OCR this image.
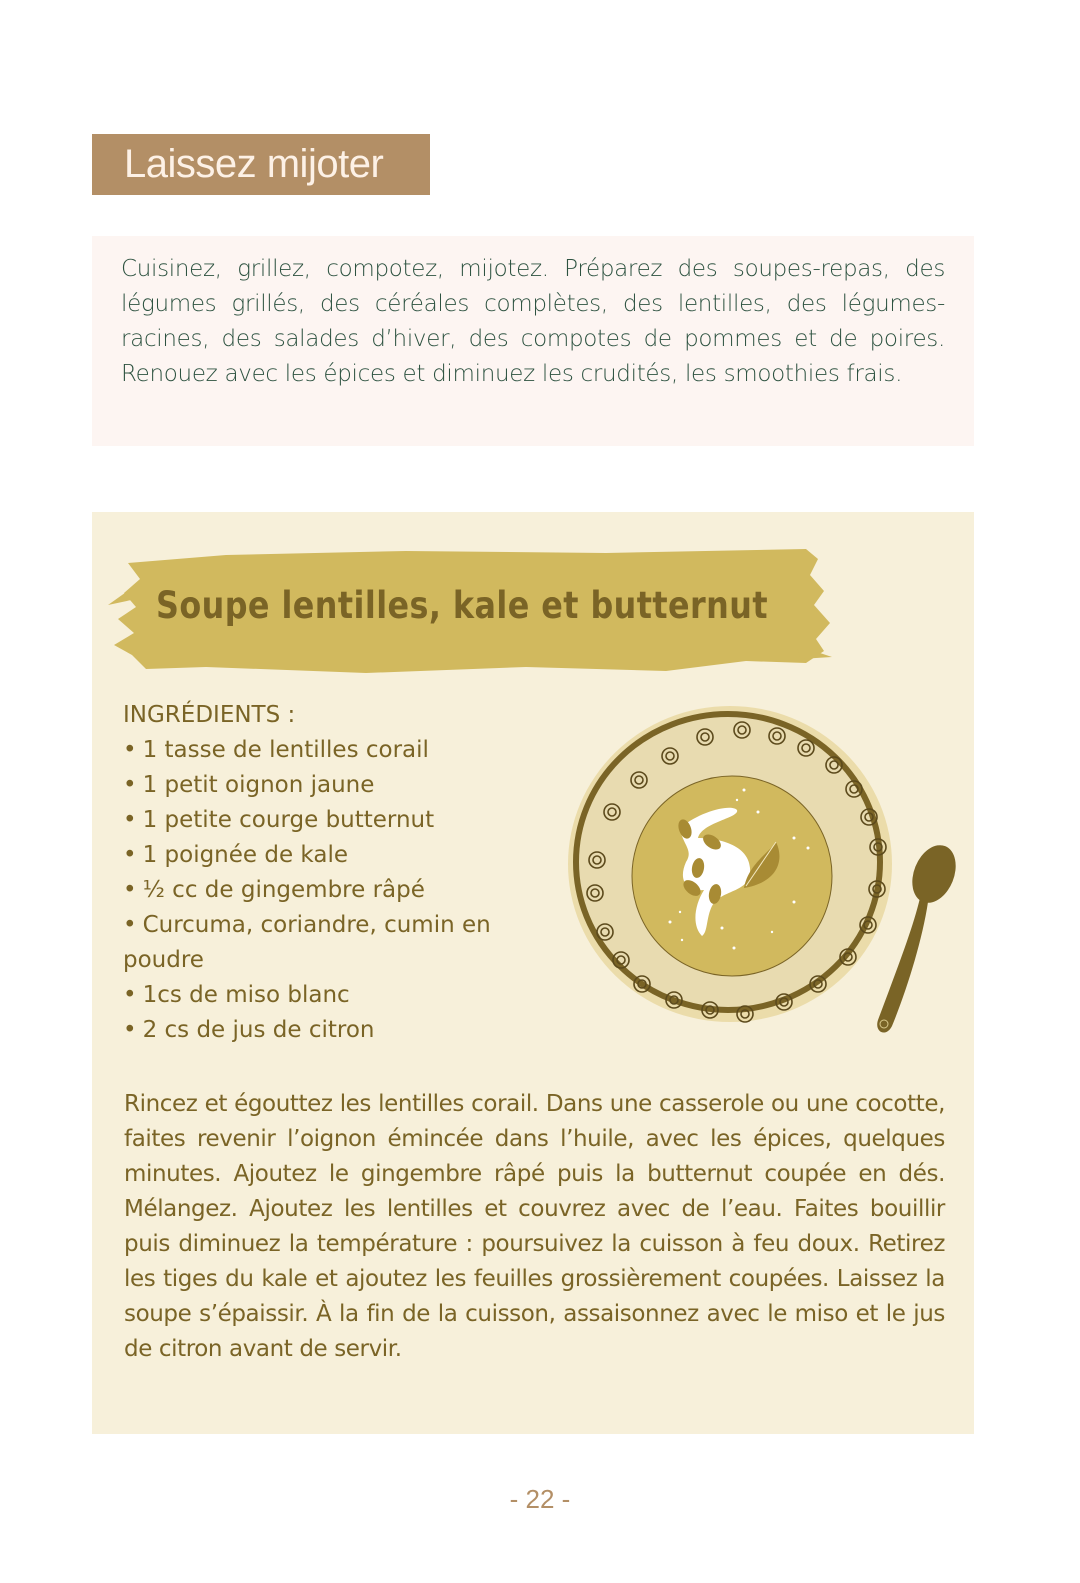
Laissez mijoter

Cuisinez, grillez, compotez, mijotez. Préparez des soupes-repas, des légumes grillés, des céréales complètes, des lentilles, des légumes-racines, des salades d’hiver, des compotes de pommes et de poires. Renouez avec les épices et diminuez les crudités, les smoothies frais.

Soupe lentilles, kale et butternut
INGRÉDIENTS :
• 1 tasse de lentilles corail
• 1 petit oignon jaune
• 1 petite courge butternut
• 1 poignée de kale
• ½ cc de gingembre râpé
• Curcuma, coriandre, cumin en poudre
• 1cs de miso blanc
• 2 cs de jus de citron

Rincez et égouttez les lentilles corail. Dans une casserole ou une cocotte, faites revenir l’oignon émincée dans l’huile, avec les épices, quelques minutes. Ajoutez le gingembre râpé puis la butternut coupée en dés. Mélangez. Ajoutez les lentilles et couvrez avec de l’eau. Faites bouillir puis diminuez la température : poursuivez la cuisson à feu doux. Retirez les tiges du kale et ajoutez les feuilles grossièrement coupées. Laissez la soupe s’épaissir. À la fin de la cuisson, assaisonnez avec le miso et le jus de citron avant de servir.

- 22 -
